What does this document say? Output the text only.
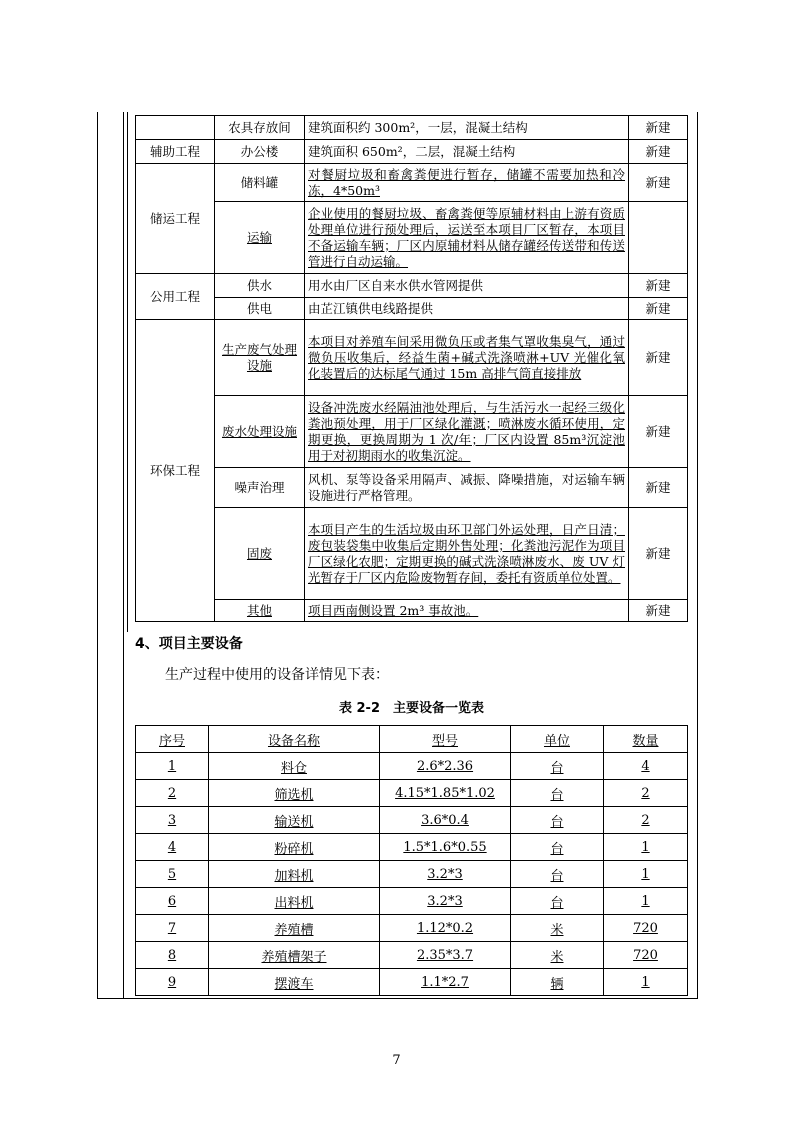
	农具存放间	建筑面积约 300m²，一层，混凝土结构	新建
辅助工程	办公楼	建筑面积 650m²，二层，混凝土结构	新建
储运工程	储料罐	对餐厨垃圾和畜禽粪便进行暂存，储罐不需要加热和冷冻，4*50m³	新建
	运输	企业使用的餐厨垃圾、畜禽粪便等原辅材料由上游有资质处理单位进行预处理后，运送至本项目厂区暂存，本项目不备运输车辆；厂区内原辅材料从储存罐经传送带和传送管进行自动运输。	
公用工程	供水	用水由厂区自来水供水管网提供	新建
	供电	由芷江镇供电线路提供	新建
环保工程	生产废气处理设施	本项目对养殖车间采用微负压或者集气罩收集臭气，通过微负压收集后，经益生菌+碱式洗涤喷淋+UV 光催化氧化装置后的达标尾气通过 15m 高排气筒直接排放	新建
	废水处理设施	设备冲洗废水经隔油池处理后，与生活污水一起经三级化粪池预处理，用于厂区绿化灌溉；喷淋废水循环使用，定期更换，更换周期为 1 次/年；厂区内设置 85m³沉淀池用于对初期雨水的收集沉淀。	新建
	噪声治理	风机、泵等设备采用隔声、减振、降噪措施，对运输车辆设施进行严格管理。	新建
	固废	本项目产生的生活垃圾由环卫部门外运处理，日产日清；废包装袋集中收集后定期外售处理；化粪池污泥作为项目厂区绿化农肥；定期更换的碱式洗涤喷淋废水、废 UV 灯光暂存于厂区内危险废物暂存间，委托有资质单位处置。	新建
	其他	项目西南侧设置 2m³ 事故池。	新建
4、项目主要设备
生产过程中使用的设备详情见下表：
表 2-2　主要设备一览表
序号	设备名称	型号	单位	数量
1	料仓	2.6*2.36	台	4
2	筛选机	4.15*1.85*1.02	台	2
3	输送机	3.6*0.4	台	2
4	粉碎机	1.5*1.6*0.55	台	1
5	加料机	3.2*3	台	1
6	出料机	3.2*3	台	1
7	养殖槽	1.12*0.2	米	720
8	养殖槽架子	2.35*3.7	米	720
9	摆渡车	1.1*2.7	辆	1
7
